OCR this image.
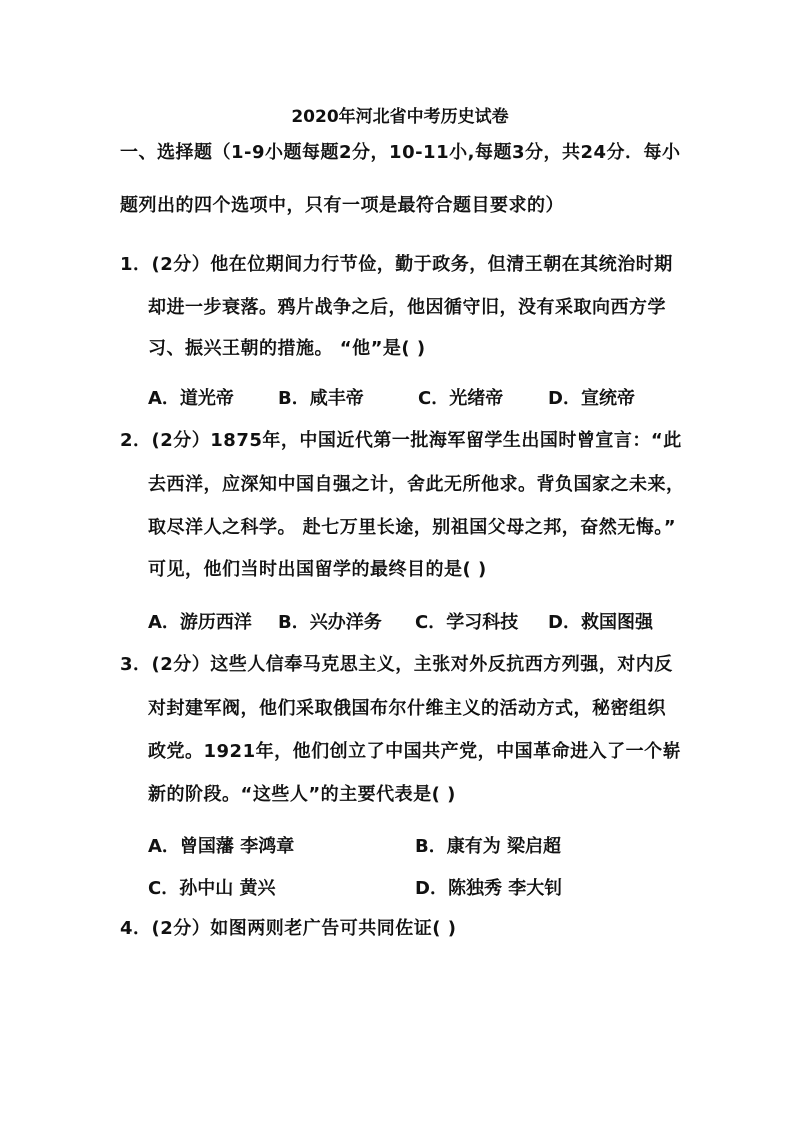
2020年河北省中考历史试卷
一、选择题（1-9小题每题2分，10-11小,每题3分，共24分．每小
题列出的四个选项中，只有一项是最符合题目要求的）
1．(2分）他在位期间力行节俭，勤于政务，但清王朝在其统治时期
却进一步衰落。鸦片战争之后，他因循守旧，没有采取向西方学
习、振兴王朝的措施。 “他”是( )
A．道光帝 B．咸丰帝	C．光绪帝 D．宣统帝
2．(2分）1875年，中国近代第一批海军留学生出国时曾宣言：“此
去西洋，应深知中国自强之计，舍此无所他求。背负国家之未来，
取尽洋人之科学。 赴七万里长途，别祖国父母之邦，奋然无悔。”
可见，他们当时出国留学的最终目的是( )
A．游历西洋 B．兴办洋务 C．学习科技 D．救国图强
3．(2分）这些人信奉马克思主义，主张对外反抗西方列强，对内反
对封建军阀，他们采取俄国布尔什维主义的活动方式，秘密组织
政党。1921年，他们创立了中国共产党，中国革命进入了一个崭
新的阶段。“这些人”的主要代表是( )
A．曾国藩 李鸿章	B．康有为 梁启超
C．孙中山 黄兴	D．陈独秀 李大钊
4．(2分）如图两则老广告可共同佐证( )
